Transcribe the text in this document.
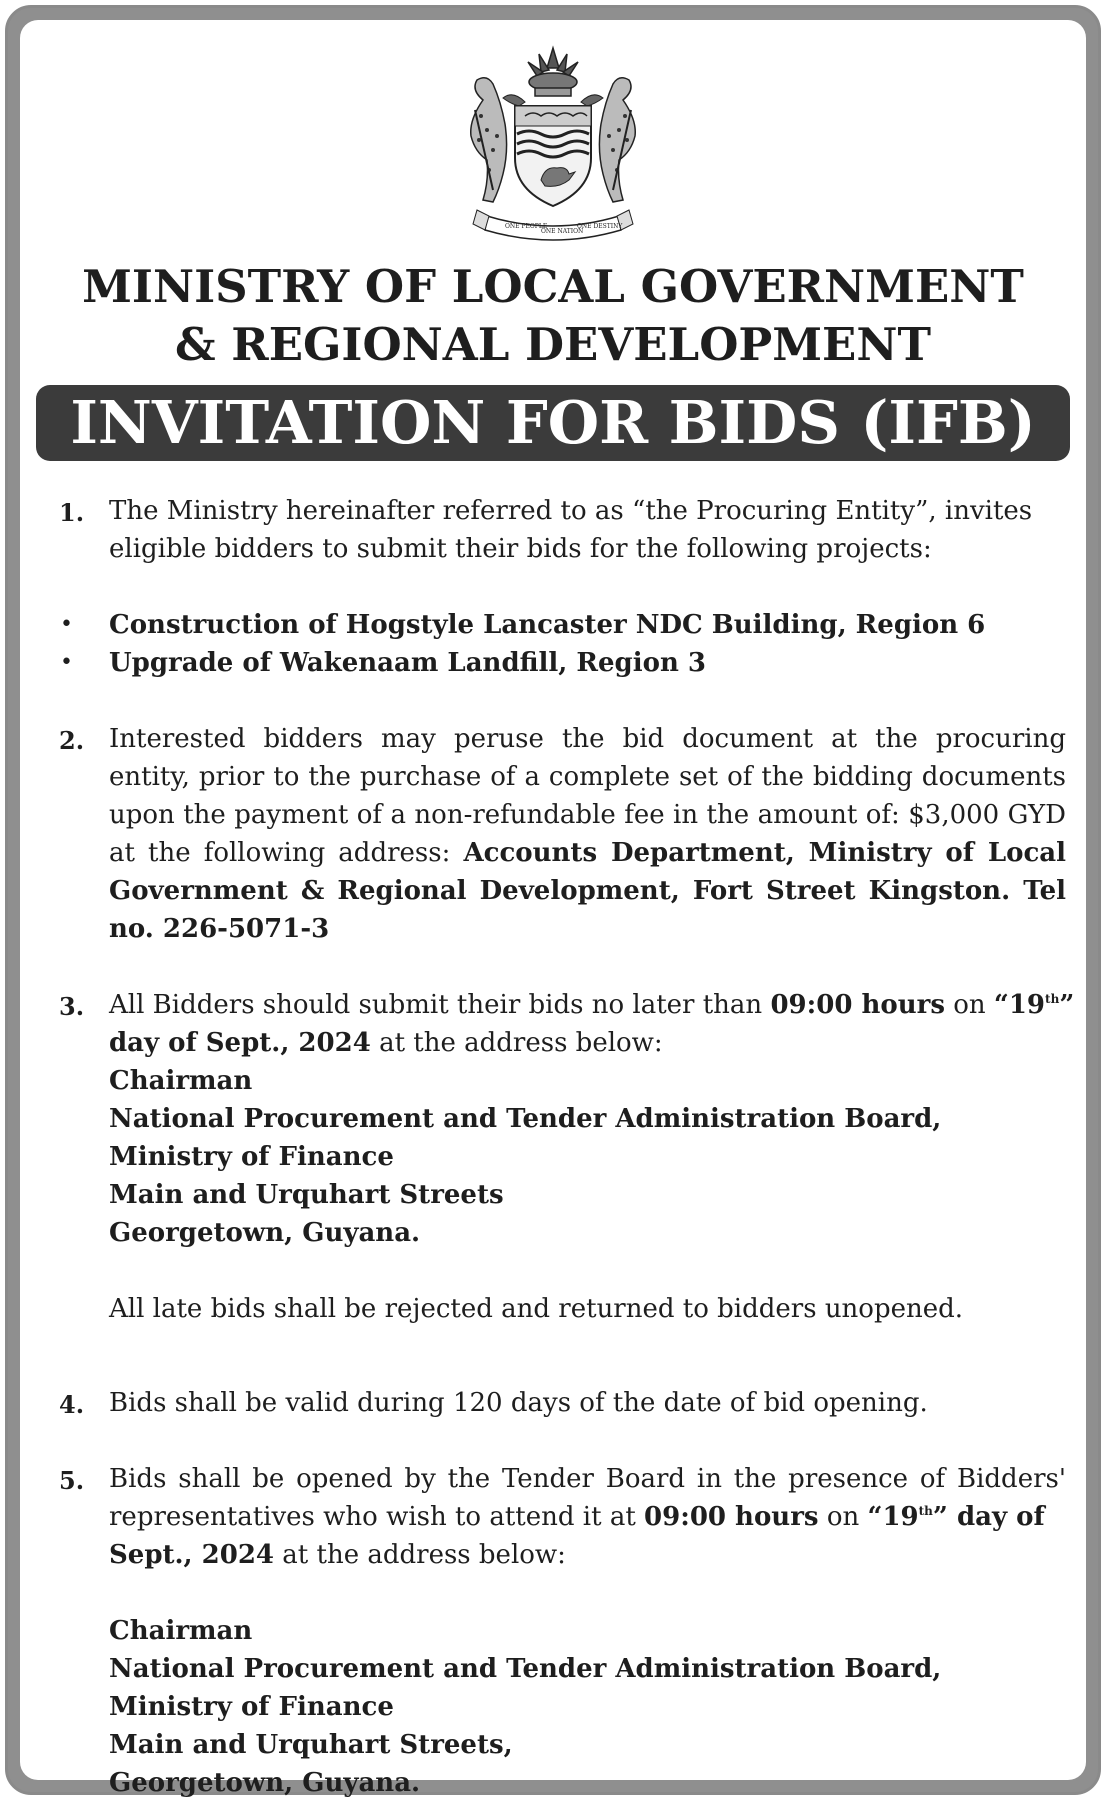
ONE PEOPLE
ONE NATION
ONE DESTINY
MINISTRY OF LOCAL GOVERNMENT
& REGIONAL DEVELOPMENT
INVITATION FOR BIDS (IFB)
1. The Ministry hereinafter referred to as “the Procuring Entity”, invites
eligible bidders to submit their bids for the following projects:
• Construction of Hogstyle Lancaster NDC Building, Region 6
• Upgrade of Wakenaam Landfill, Region 3
2. Interested bidders may peruse the bid document at the procuring entity, prior to the purchase of a complete set of the bidding documents upon the payment of a non-refundable fee in the amount of: $3,000 GYD at the following address: Accounts Department, Ministry of Local Government & Regional Development, Fort Street Kingston. Tel no. 226-5071-3
3. All Bidders should submit their bids no later than 09:00 hours on “19th”
day of Sept., 2024 at the address below:
Chairman
National Procurement and Tender Administration Board,
Ministry of Finance
Main and Urquhart Streets
Georgetown, Guyana.
All late bids shall be rejected and returned to bidders unopened.
4. Bids shall be valid during 120 days of the date of bid opening.
5. Bids shall be opened by the Tender Board in the presence of Bidders'
representatives who wish to attend it at 09:00 hours on “19th” day of
Sept., 2024 at the address below:
Chairman
National Procurement and Tender Administration Board,
Ministry of Finance
Main and Urquhart Streets,
Georgetown, Guyana.
